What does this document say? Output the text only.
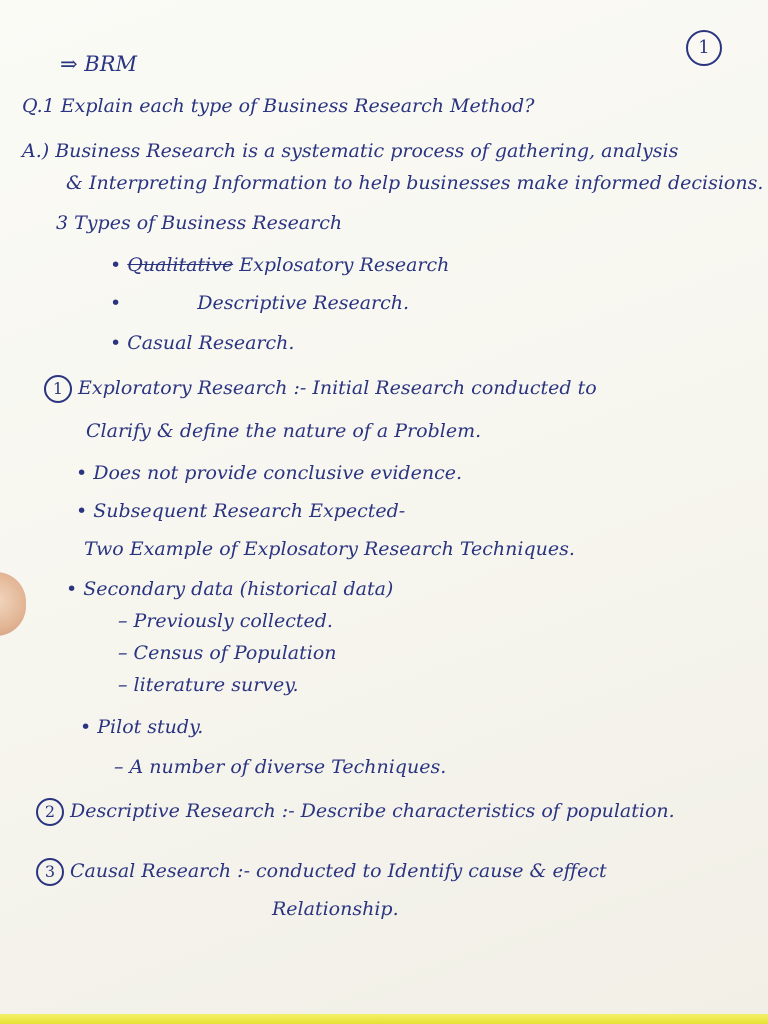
1
⇒ BRM
Q.1 Explain each type of Business Research Method?
A.) Business Research is a systematic process of gathering, analysis
& Interpreting Information to help businesses make informed decisions.
3 Types of Business Research
• Qualitative Explosatory Research
•	Descriptive Research.
• Casual Research.
1 Exploratory Research :- Initial Research conducted to
Clarify & define the nature of a Problem.
• Does not provide conclusive evidence.
• Subsequent Research Expected-
Two Example of Explosatory Research Techniques.
• Secondary data (historical data)
– Previously collected.
– Census of Population
– literature survey.
• Pilot study.
– A number of diverse Techniques.
2 Descriptive Research :- Describe characteristics of population.
3 Causal Research :- conducted to Identify cause & effect
Relationship.
